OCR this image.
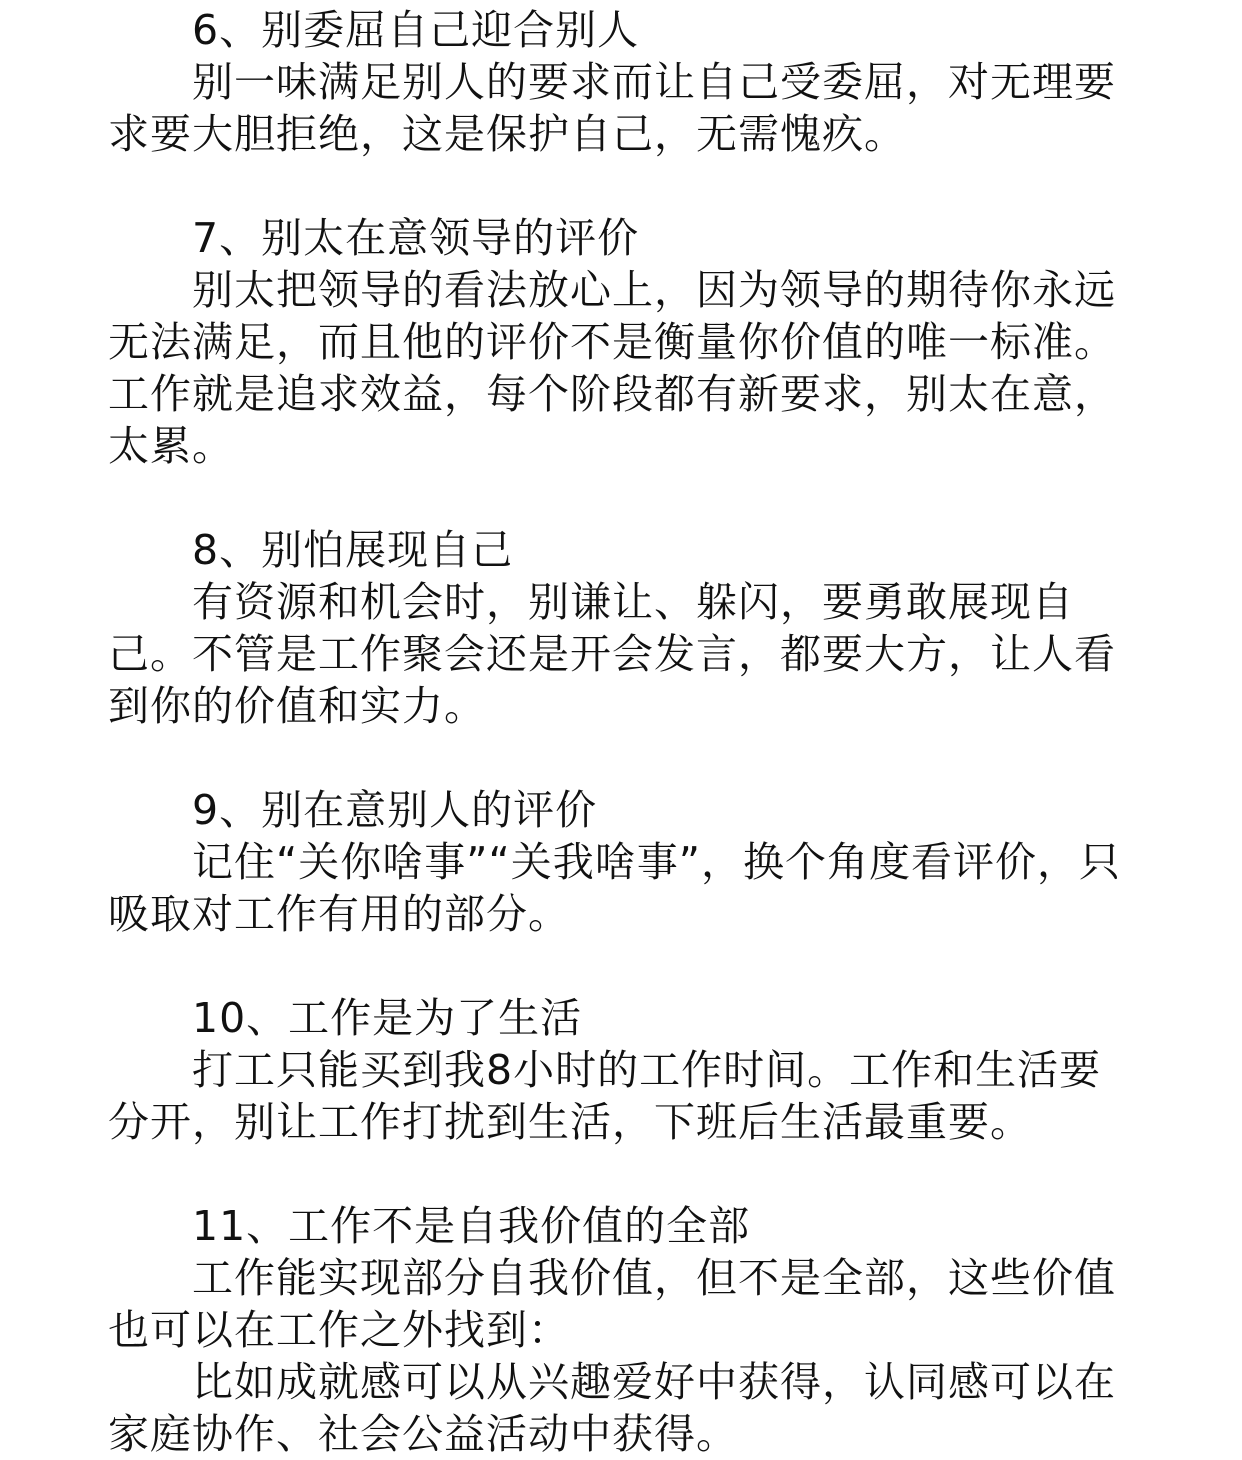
6、别委屈自己迎合别人

别一味满足别人的要求而让自己受委屈，对无理要求要大胆拒绝，这是保护自己，无需愧疚。

7、别太在意领导的评价

别太把领导的看法放心上，因为领导的期待你永远无法满足，而且他的评价不是衡量你价值的唯一标准。工作就是追求效益，每个阶段都有新要求，别太在意，太累。

8、别怕展现自己

有资源和机会时，别谦让、躲闪，要勇敢展现自己。不管是工作聚会还是开会发言，都要大方，让人看到你的价值和实力。

9、别在意别人的评价

记住“关你啥事”“关我啥事”，换个角度看评价，只吸取对工作有用的部分。

10、工作是为了生活

打工只能买到我8小时的工作时间。工作和生活要分开，别让工作打扰到生活，下班后生活最重要。

11、工作不是自我价值的全部

工作能实现部分自我价值，但不是全部，这些价值也可以在工作之外找到：

比如成就感可以从兴趣爱好中获得，认同感可以在家庭协作、社会公益活动中获得。
